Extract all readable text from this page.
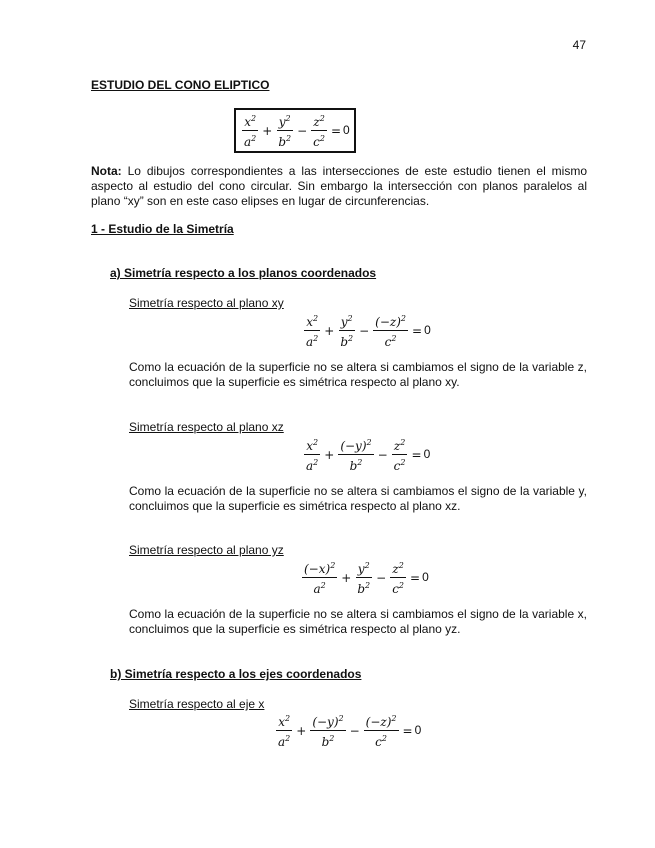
47
ESTUDIO DEL CONO ELIPTICO
$\frac{x^2}{a^2} + \frac{y^2}{b^2} - \frac{z^2}{c^2} = 0$
Nota: Lo dibujos correspondientes a las intersecciones de este estudio tienen el mismo aspecto al estudio del cono circular. Sin embargo la intersección con planos paralelos al plano “xy” son en este caso elipses en lugar de circunferencias.
1 - Estudio de la Simetría
a) Simetría respecto a los planos coordenados
Simetría respecto al plano xy
$\frac{x^2}{a^2} + \frac{y^2}{b^2} - \frac{(-z)^2}{c^2} = 0$
Como la ecuación de la superficie no se altera si cambiamos el signo de la variable z, concluimos que la superficie es simétrica respecto al plano xy.
Simetría respecto al plano xz
$\frac{x^2}{a^2} + \frac{(-y)^2}{b^2} - \frac{z^2}{c^2} = 0$
Como la ecuación de la superficie no se altera si cambiamos el signo de la variable y, concluimos que la superficie es simétrica respecto al plano xz.
Simetría respecto al plano yz
$\frac{(-x)^2}{a^2} + \frac{y^2}{b^2} - \frac{z^2}{c^2} = 0$
Como la ecuación de la superficie no se altera si cambiamos el signo de la variable x, concluimos que la superficie es simétrica respecto al plano yz.
b) Simetría respecto a los ejes coordenados
Simetría respecto al eje x
$\frac{x^2}{a^2} + \frac{(-y)^2}{b^2} - \frac{(-z)^2}{c^2} = 0$
